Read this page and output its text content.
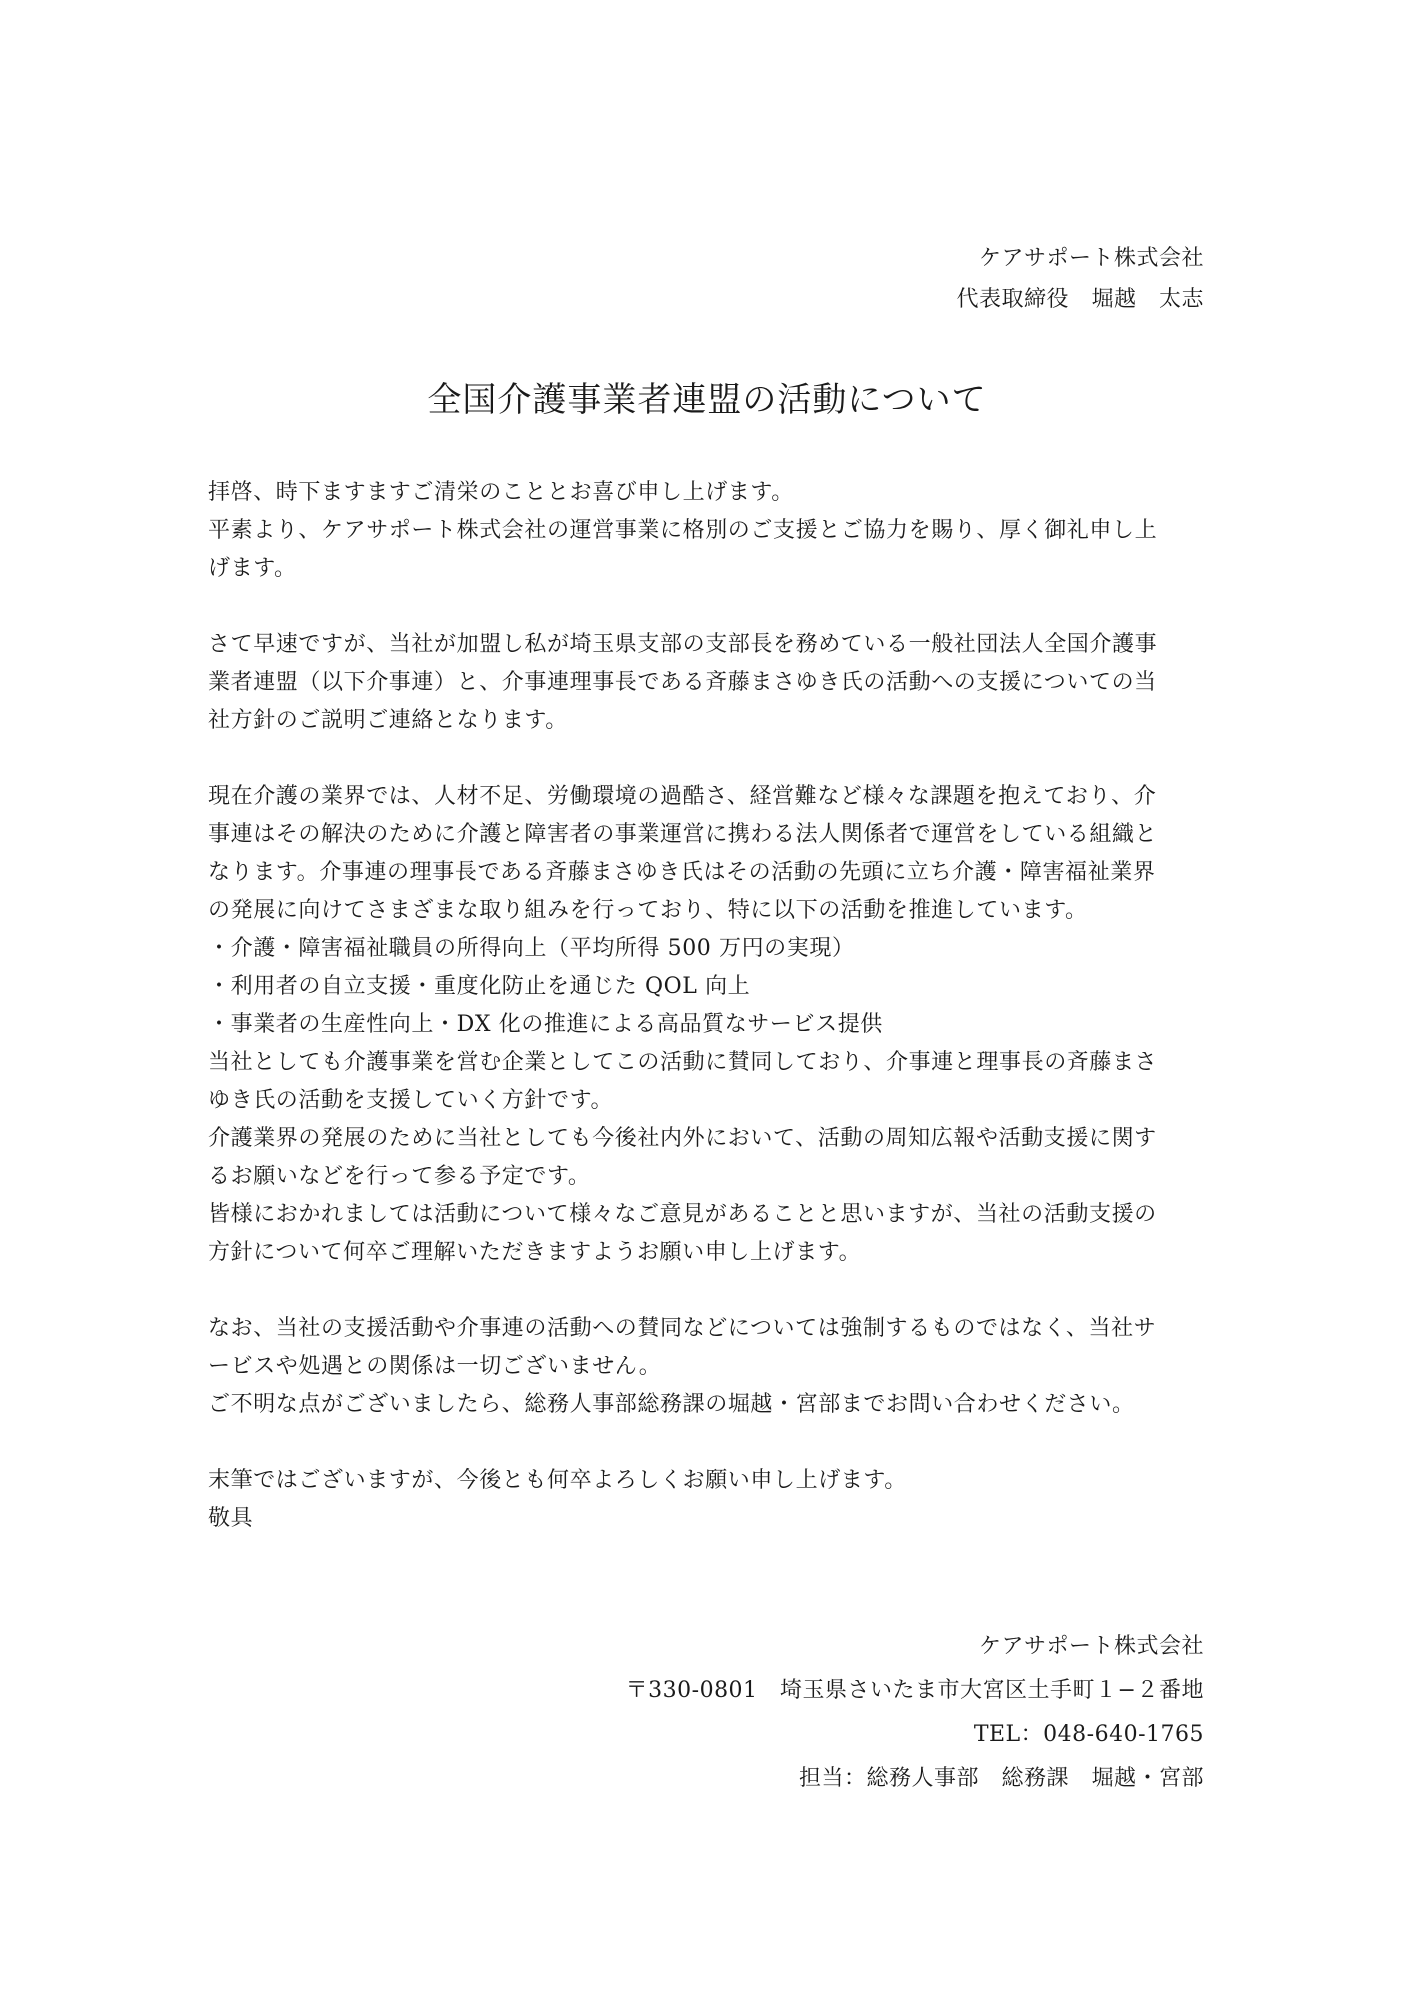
ケアサポート株式会社
代表取締役　堀越　太志
全国介護事業者連盟の活動について
拝啓、時下ますますご清栄のこととお喜び申し上げます。
平素より、ケアサポート株式会社の運営事業に格別のご支援とご協力を賜り、厚く御礼申し上
げます。
さて早速ですが、当社が加盟し私が埼玉県支部の支部長を務めている一般社団法人全国介護事
業者連盟（以下介事連）と、介事連理事長である斉藤まさゆき氏の活動への支援についての当
社方針のご説明ご連絡となります。
現在介護の業界では、人材不足、労働環境の過酷さ、経営難など様々な課題を抱えており、介
事連はその解決のために介護と障害者の事業運営に携わる法人関係者で運営をしている組織と
なります。介事連の理事長である斉藤まさゆき氏はその活動の先頭に立ち介護・障害福祉業界
の発展に向けてさまざまな取り組みを行っており、特に以下の活動を推進しています。
・介護・障害福祉職員の所得向上（平均所得 500 万円の実現）
・利用者の自立支援・重度化防止を通じた QOL 向上
・事業者の生産性向上・DX 化の推進による高品質なサービス提供
当社としても介護事業を営む企業としてこの活動に賛同しており、介事連と理事長の斉藤まさ
ゆき氏の活動を支援していく方針です。
介護業界の発展のために当社としても今後社内外において、活動の周知広報や活動支援に関す
るお願いなどを行って参る予定です。
皆様におかれましては活動について様々なご意見があることと思いますが、当社の活動支援の
方針について何卒ご理解いただきますようお願い申し上げます。
なお、当社の支援活動や介事連の活動への賛同などについては強制するものではなく、当社サ
ービスや処遇との関係は一切ございません。
ご不明な点がございましたら、総務人事部総務課の堀越・宮部までお問い合わせください。
末筆ではございますが、今後とも何卒よろしくお願い申し上げます。
敬具
ケアサポート株式会社
〒330-0801　埼玉県さいたま市大宮区土手町１−２番地
TEL：048-640-1765
担当：総務人事部　総務課　堀越・宮部
